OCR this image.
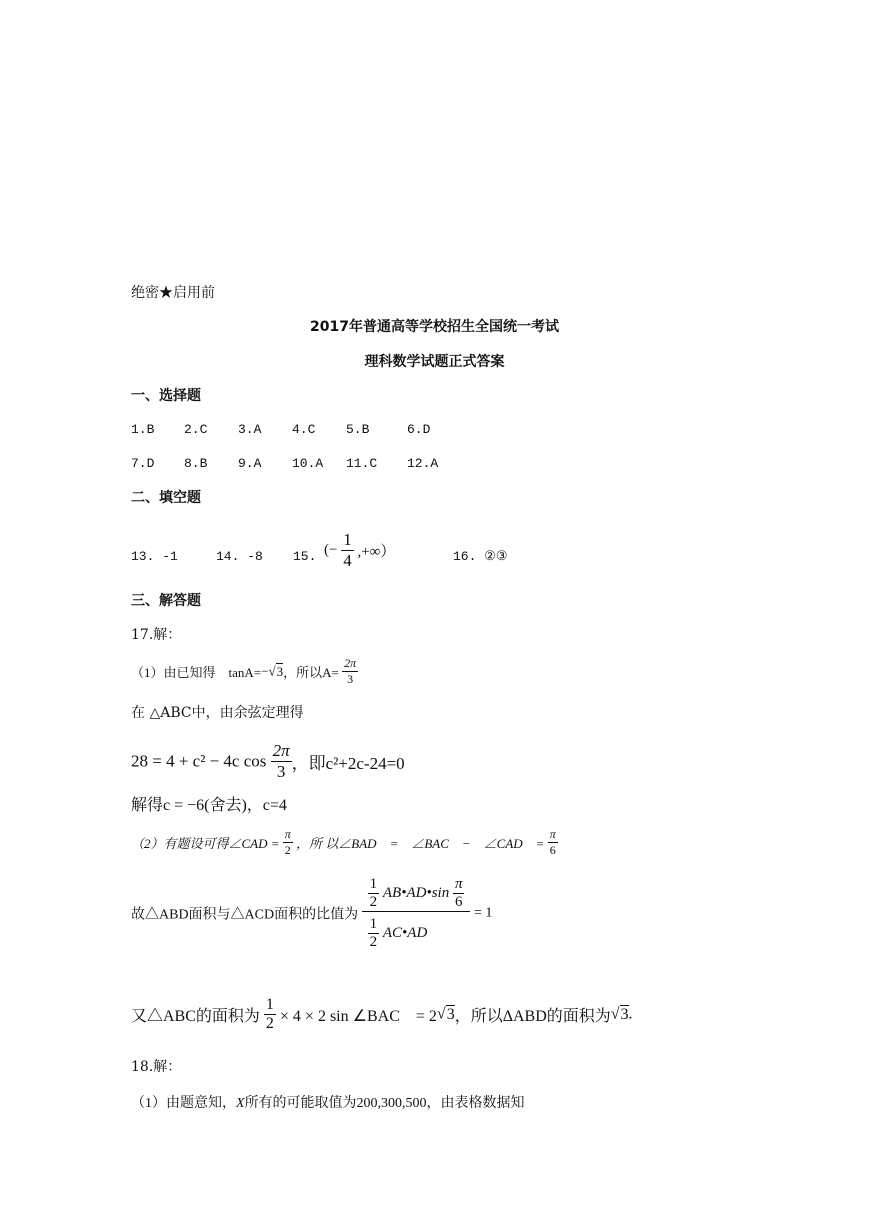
绝密★启用前
2017年普通高等学校招生全国统一考试
理科数学试题正式答案
一、选择题
1.B 2.C 3.A 4.C 5.B	6.D
7.D 8.B 9.A 10.A 11.C 12.A
二、填空题
13. -1	14. -8 15. (− $\frac{1}{4}$ ,+∞）	16. ②③
三、解答题
17.解：
（1）由已知得　tanA=−√3，所以$A= \frac{2\pi}{3}$
在 △ABC中，由余弦定理得
28 = 4 + c² − 4c $\cos \frac{2\pi}{3}$ ，即c²+2c-24=0
解得c = −6(舍去)，c=4
（2）有题设可得∠CAD = $\frac{\pi}{2}$ ，所 以∠BAD　=　∠BAC　−　∠CAD　= $\frac{\pi}{6}$
故△ABD面积与△ACD面积的比值为 $\frac{\frac{1}{2} AB•AD•\sin \frac{\pi}{6}}{\frac{1}{2} AC•AD} = 1$
又△ABC的面积为 $\frac{1}{2} \times 4 \times 2$ sin ∠BAC　= 2√3，所以ΔABD的面积为√3.
18.解：
（1）由题意知，X所有的可能取值为200,300,500，由表格数据知
